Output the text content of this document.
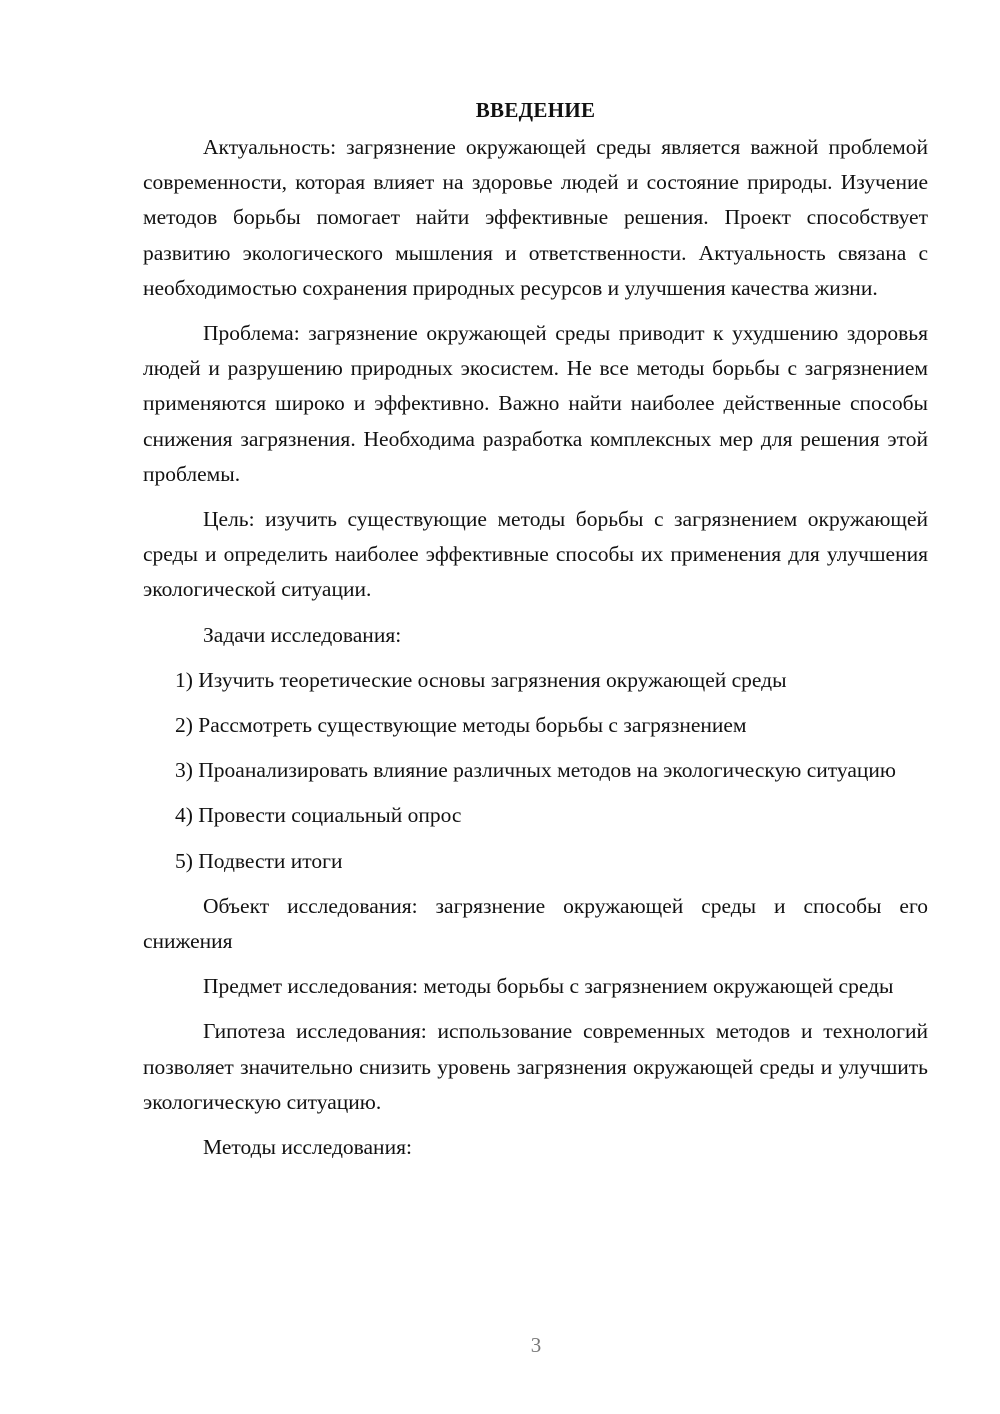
ВВЕДЕНИЕ

Актуальность: загрязнение окружающей среды является важной проблемой современности, которая влияет на здоровье людей и состояние природы. Изучение методов борьбы помогает найти эффективные решения. Проект способствует развитию экологического мышления и ответственности. Актуальность связана с необходимостью сохранения природных ресурсов и улучшения качества жизни.

Проблема: загрязнение окружающей среды приводит к ухудшению здоровья людей и разрушению природных экосистем. Не все методы борьбы с загрязнением применяются широко и эффективно. Важно найти наиболее действенные способы снижения загрязнения. Необходима разработка комплексных мер для решения этой проблемы.

Цель: изучить существующие методы борьбы с загрязнением окружающей среды и определить наиболее эффективные способы их применения для улучшения экологической ситуации.

Задачи исследования:

1) Изучить теоретические основы загрязнения окружающей среды

2) Рассмотреть существующие методы борьбы с загрязнением

3) Проанализировать влияние различных методов на экологическую ситуацию

4) Провести социальный опрос

5) Подвести итоги

Объект исследования: загрязнение окружающей среды и способы его снижения

Предмет исследования: методы борьбы с загрязнением окружающей среды

Гипотеза исследования: использование современных методов и технологий позволяет значительно снизить уровень загрязнения окружающей среды и улучшить экологическую ситуацию.

Методы исследования:

3
